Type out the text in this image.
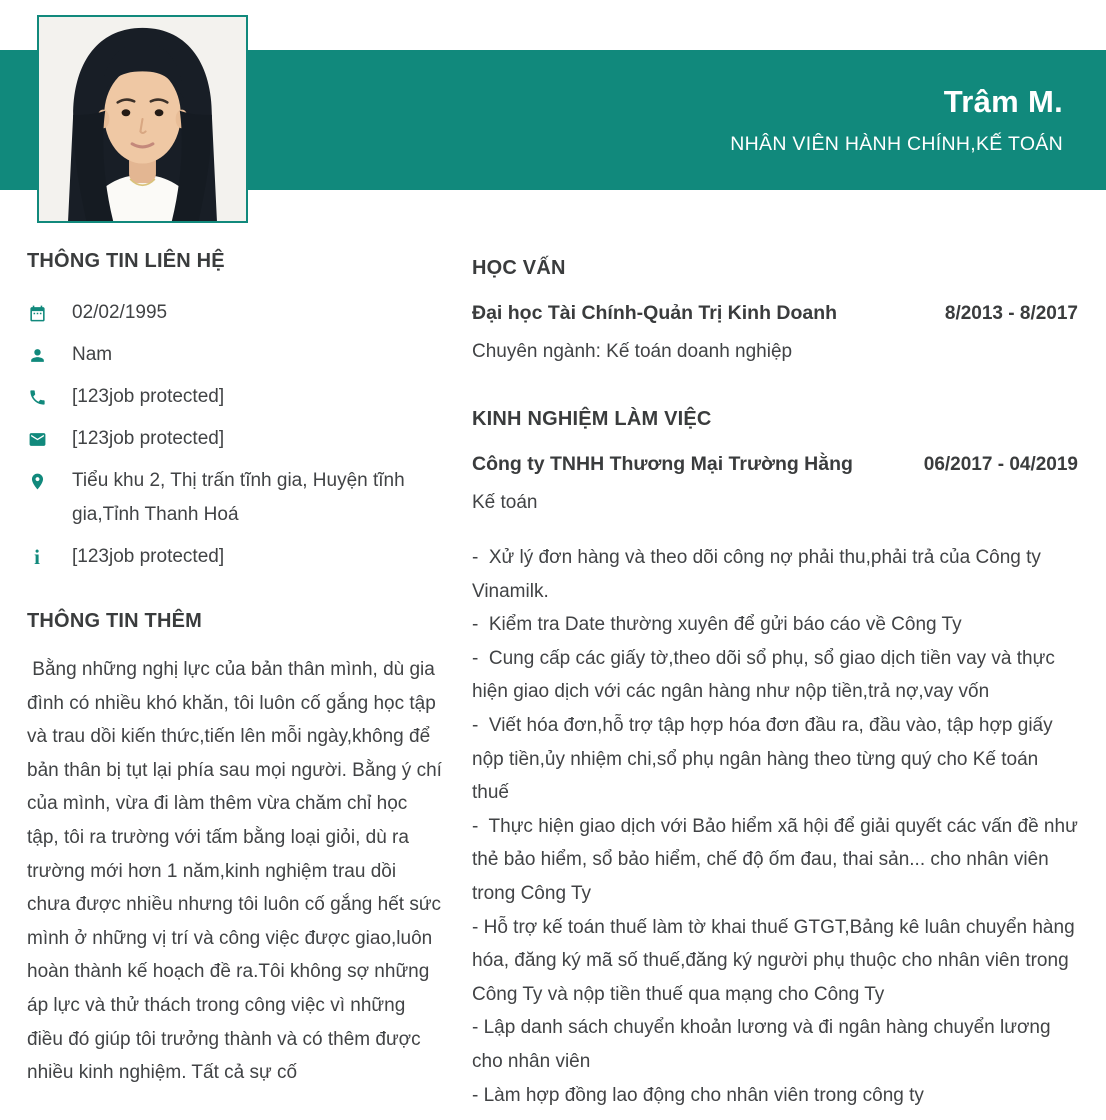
Trâm M.
NHÂN VIÊN HÀNH CHÍNH,KẾ TOÁN
THÔNG TIN LIÊN HỆ
02/02/1995
Nam
[123job protected]
[123job protected]
Tiểu khu 2, Thị trấn tĩnh gia, Huyện tĩnh gia,Tỉnh Thanh Hoá
i [123job protected]
THÔNG TIN THÊM
Bằng những nghị lực của bản thân mình, dù gia đình có nhiều khó khăn, tôi luôn cố gắng học tập và trau dồi kiến thức,tiến lên mỗi ngày,không để bản thân bị tụt lại phía sau mọi người. Bằng ý chí của mình, vừa đi làm thêm vừa chăm chỉ học tập, tôi ra trường với tấm bằng loại giỏi, dù ra trường mới hơn 1 năm,kinh nghiệm trau dồi chưa được nhiều nhưng tôi luôn cố gắng hết sức mình ở những vị trí và công việc được giao,luôn hoàn thành kế hoạch đề ra.Tôi không sợ những áp lực và thử thách trong công việc vì những điều đó giúp tôi trưởng thành và có thêm được nhiều kinh nghiệm. Tất cả sự cố
HỌC VẤN
Đại học Tài Chính-Quản Trị Kinh Doanh	8/2013 - 8/2017
Chuyên ngành: Kế toán doanh nghiệp
KINH NGHIỆM LÀM VIỆC
Công ty TNHH Thương Mại Trường Hằng	06/2017 - 04/2019
Kế toán
-  Xử lý đơn hàng và theo dõi công nợ phải thu,phải trả của Công ty Vinamilk.
-  Kiểm tra Date thường xuyên để gửi báo cáo về Công Ty
-  Cung cấp các giấy tờ,theo dõi sổ phụ, sổ giao dịch tiền vay và thực hiện giao dịch với các ngân hàng như nộp tiền,trả nợ,vay vốn
-  Viết hóa đơn,hỗ trợ tập hợp hóa đơn đầu ra, đầu vào, tập hợp giấy nộp tiền,ủy nhiệm chi,sổ phụ ngân hàng theo từng quý cho Kế toán thuế
-  Thực hiện giao dịch với Bảo hiểm xã hội để giải quyết các vấn đề như thẻ bảo hiểm, sổ bảo hiểm, chế độ ốm đau, thai sản... cho nhân viên trong Công Ty
- Hỗ trợ kế toán thuế làm tờ khai thuế GTGT,Bảng kê luân chuyển hàng hóa, đăng ký mã số thuế,đăng ký người phụ thuộc cho nhân viên trong Công Ty và nộp tiền thuế qua mạng cho Công Ty
- Lập danh sách chuyển khoản lương và đi ngân hàng chuyển lương cho nhân viên
- Làm hợp đồng lao động cho nhân viên trong công ty
